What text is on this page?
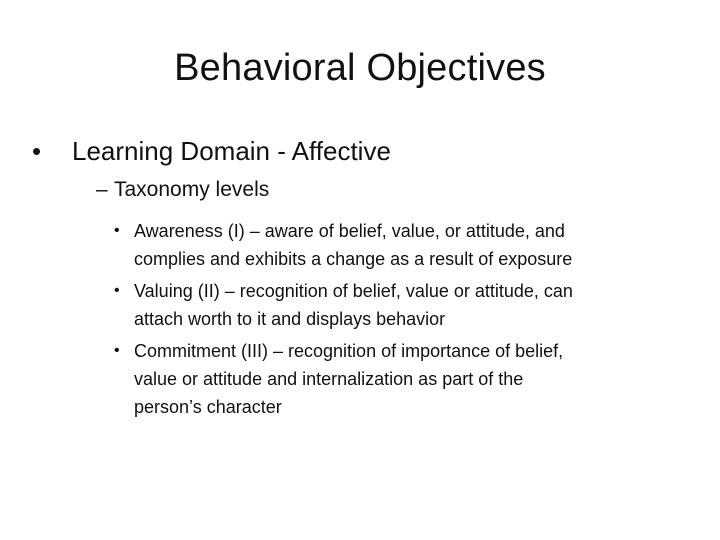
Behavioral Objectives
• Learning Domain - Affective
– Taxonomy levels
• Awareness (I) – aware of belief, value, or attitude, and
complies and exhibits a change as a result of exposure
• Valuing (II) – recognition of belief, value or attitude, can
attach worth to it and displays behavior
• Commitment (III) – recognition of importance of belief,
value or attitude and internalization as part of the
person’s character
